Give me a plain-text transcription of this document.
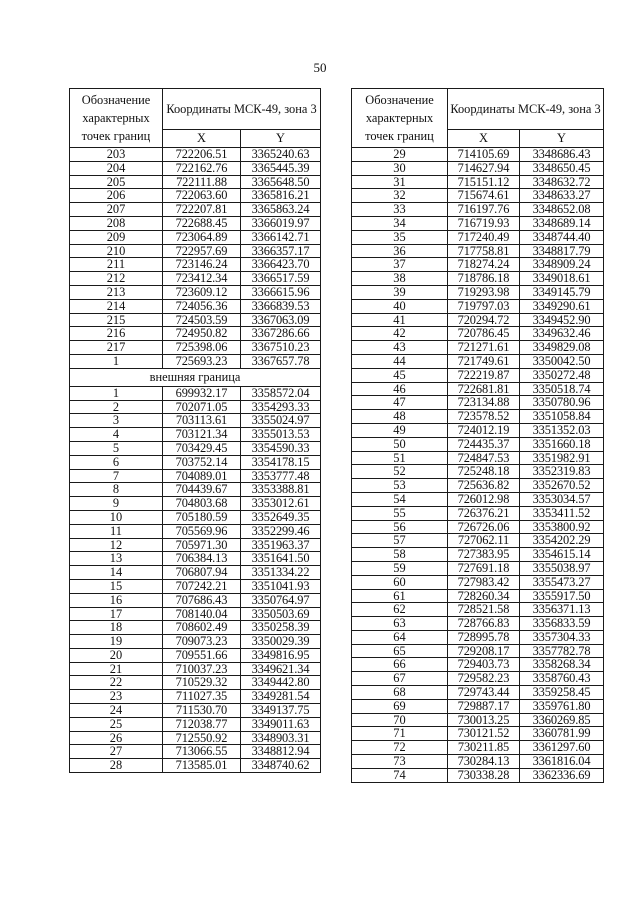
50
Обозначение характерных точек границ	Координаты МСК-49, зона 3	
	X	Y
203	722206.51	3365240.63
204	722162.76	3365445.39
205	722111.88	3365648.50
206	722063.60	3365816.21
207	722207.81	3365863.24
208	722688.45	3366019.97
209	723064.89	3366142.71
210	722957.69	3366357.17
211	723146.24	3366423.70
212	723412.34	3366517.59
213	723609.12	3366615.96
214	724056.36	3366839.53
215	724503.59	3367063.09
216	724950.82	3367286.66
217	725398.06	3367510.23
1	725693.23	3367657.78
внешняя граница		
1	699932.17	3358572.04
2	702071.05	3354293.33
3	703113.61	3355024.97
4	703121.34	3355013.53
5	703429.45	3354590.33
6	703752.14	3354178.15
7	704089.01	3353777.48
8	704439.67	3353388.81
9	704803.68	3353012.61
10	705180.59	3352649.35
11	705569.96	3352299.46
12	705971.30	3351963.37
13	706384.13	3351641.50
14	706807.94	3351334.22
15	707242.21	3351041.93
16	707686.43	3350764.97
17	708140.04	3350503.69
18	708602.49	3350258.39
19	709073.23	3350029.39
20	709551.66	3349816.95
21	710037.23	3349621.34
22	710529.32	3349442.80
23	711027.35	3349281.54
24	711530.70	3349137.75
25	712038.77	3349011.63
26	712550.92	3348903.31
27	713066.55	3348812.94
28	713585.01	3348740.62
Обозначение характерных точек границ	Координаты МСК-49, зона 3	
	X	Y
29	714105.69	3348686.43
30	714627.94	3348650.45
31	715151.12	3348632.72
32	715674.61	3348633.27
33	716197.76	3348652.08
34	716719.93	3348689.14
35	717240.49	3348744.40
36	717758.81	3348817.79
37	718274.24	3348909.24
38	718786.18	3349018.61
39	719293.98	3349145.79
40	719797.03	3349290.61
41	720294.72	3349452.90
42	720786.45	3349632.46
43	721271.61	3349829.08
44	721749.61	3350042.50
45	722219.87	3350272.48
46	722681.81	3350518.74
47	723134.88	3350780.96
48	723578.52	3351058.84
49	724012.19	3351352.03
50	724435.37	3351660.18
51	724847.53	3351982.91
52	725248.18	3352319.83
53	725636.82	3352670.52
54	726012.98	3353034.57
55	726376.21	3353411.52
56	726726.06	3353800.92
57	727062.11	3354202.29
58	727383.95	3354615.14
59	727691.18	3355038.97
60	727983.42	3355473.27
61	728260.34	3355917.50
62	728521.58	3356371.13
63	728766.83	3356833.59
64	728995.78	3357304.33
65	729208.17	3357782.78
66	729403.73	3358268.34
67	729582.23	3358760.43
68	729743.44	3359258.45
69	729887.17	3359761.80
70	730013.25	3360269.85
71	730121.52	3360781.99
72	730211.85	3361297.60
73	730284.13	3361816.04
74	730338.28	3362336.69
